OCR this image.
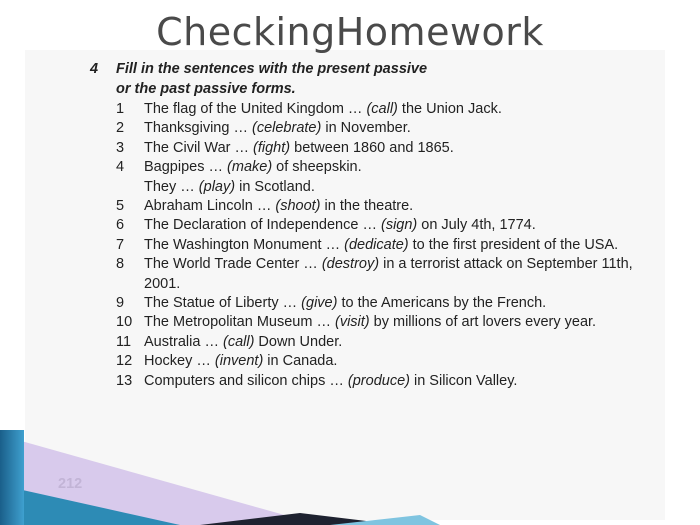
CheckingHomework
4 Fill in the sentences with the present passive
or the past passive forms.
1	The flag of the United Kingdom … (call) the Union Jack.
2	Thanksgiving … (celebrate) in November.
3	The Civil War … (fight) between 1860 and 1865.
4	Bagpipes … (make) of sheepskin.
They … (play) in Scotland.
5	Abraham Lincoln … (shoot) in the theatre.
6	The Declaration of Independence … (sign) on July 4th, 1774.
7	The Washington Monument … (dedicate) to the first president of the USA.
8	The World Trade Center … (destroy) in a terrorist attack on September 11th, 2001.
9	The Statue of Liberty … (give) to the Americans by the French.
10 The Metropolitan Museum … (visit) by millions of art lovers every year.
11 Australia … (call) Down Under.
12 Hockey … (invent) in Canada.
13 Computers and silicon chips … (produce) in Silicon Valley.
212
